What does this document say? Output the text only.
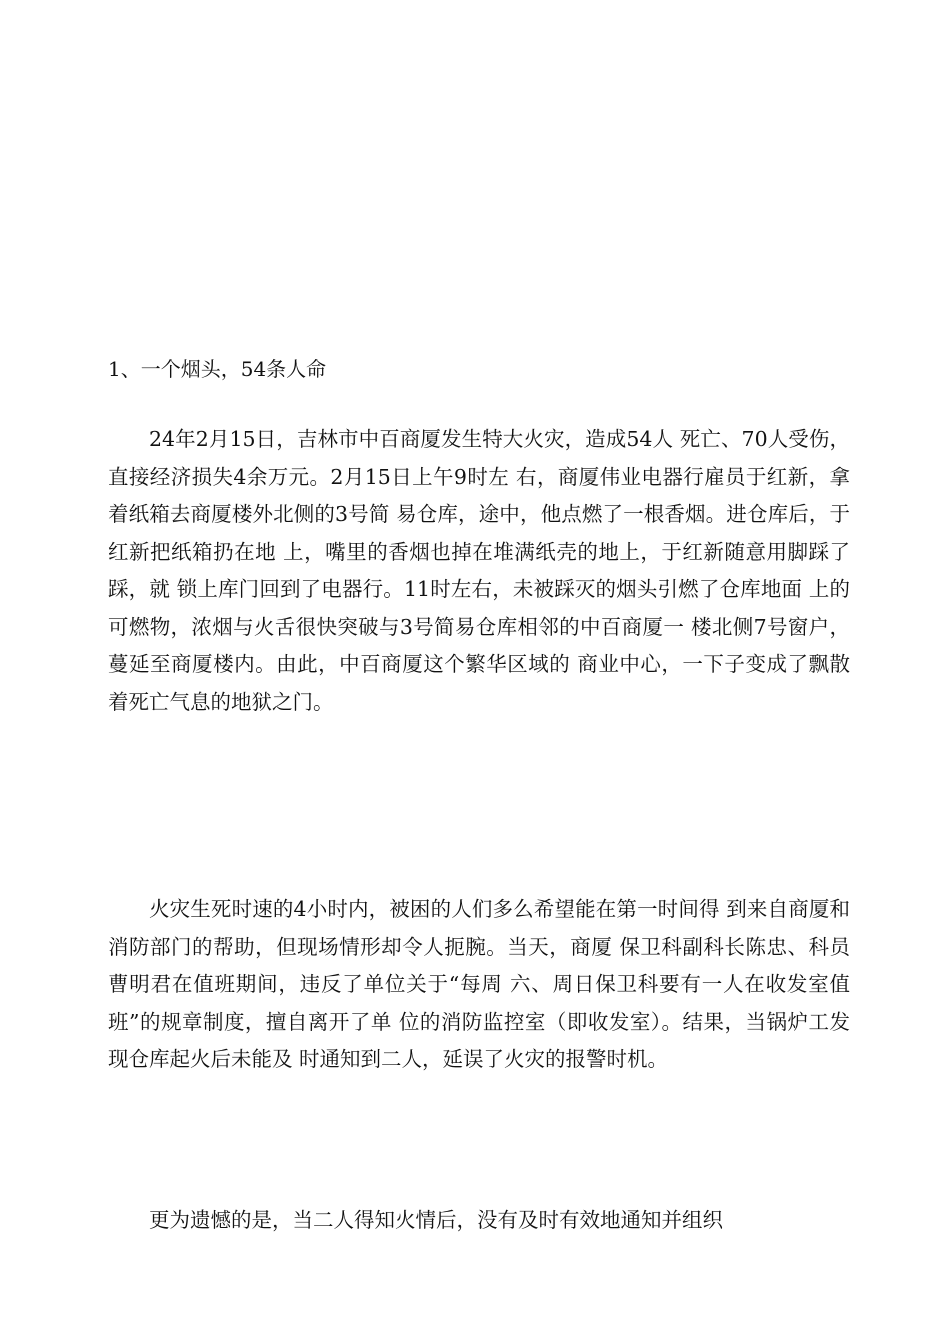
1、一个烟头，54条人命

24年2月15日，吉林市中百商厦发生特大火灾，造成54人 死亡、70人受伤，直接经济损失4余万元。2月15日上午9时左 右，商厦伟业电器行雇员于红新，拿着纸箱去商厦楼外北侧的3号简 易仓库，途中，他点燃了一根香烟。进仓库后，于红新把纸箱扔在地 上，嘴里的香烟也掉在堆满纸壳的地上，于红新随意用脚踩了踩，就 锁上库门回到了电器行。11时左右，未被踩灭的烟头引燃了仓库地面 上的可燃物，浓烟与火舌很快突破与3号简易仓库相邻的中百商厦一 楼北侧7号窗户，蔓延至商厦楼内。由此，中百商厦这个繁华区域的 商业中心，一下子变成了飘散着死亡气息的地狱之门。

火灾生死时速的4小时内，被困的人们多么希望能在第一时间得 到来自商厦和消防部门的帮助，但现场情形却令人扼腕。当天，商厦 保卫科副科长陈忠、科员曹明君在值班期间，违反了单位关于“每周 六、周日保卫科要有一人在收发室值班”的规章制度，擅自离开了单 位的消防监控室（即收发室）。结果，当锅炉工发现仓库起火后未能及 时通知到二人，延误了火灾的报警时机。

更为遗憾的是，当二人得知火情后，没有及时有效地通知并组织
